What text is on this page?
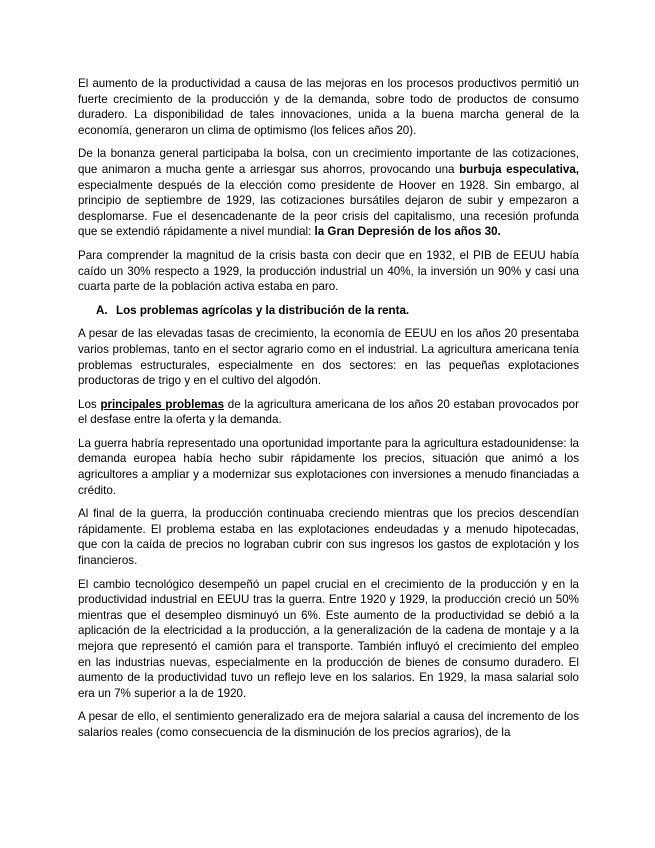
El aumento de la productividad a causa de las mejoras en los procesos productivos permitió un fuerte crecimiento de la producción y de la demanda, sobre todo de productos de consumo duradero. La disponibilidad de tales innovaciones, unida a la buena marcha general de la economía, generaron un clima de optimismo (los felices años 20).

De la bonanza general participaba la bolsa, con un crecimiento importante de las cotizaciones, que animaron a mucha gente a arriesgar sus ahorros, provocando una burbuja especulativa, especialmente después de la elección como presidente de Hoover en 1928. Sin embargo, al principio de septiembre de 1929, las cotizaciones bursátiles dejaron de subir y empezaron a desplomarse. Fue el desencadenante de la peor crisis del capitalismo, una recesión profunda que se extendió rápidamente a nivel mundial: la Gran Depresión de los años 30.

Para comprender la magnitud de la crisis basta con decir que en 1932, el PIB de EEUU había caído un 30% respecto a 1929, la producción industrial un 40%, la inversión un 90% y casi una cuarta parte de la población activa estaba en paro.

A. Los problemas agrícolas y la distribución de la renta.

A pesar de las elevadas tasas de crecimiento, la economía de EEUU en los años 20 presentaba varios problemas, tanto en el sector agrario como en el industrial. La agricultura americana tenía problemas estructurales, especialmente en dos sectores: en las pequeñas explotaciones productoras de trigo y en el cultivo del algodón.

Los principales problemas de la agricultura americana de los años 20 estaban provocados por el desfase entre la oferta y la demanda.

La guerra habría representado una oportunidad importante para la agricultura estadounidense: la demanda europea había hecho subir rápidamente los precios, situación que animó a los agricultores a ampliar y a modernizar sus explotaciones con inversiones a menudo financiadas a crédito.

Al final de la guerra, la producción continuaba creciendo mientras que los precios descendían rápidamente. El problema estaba en las explotaciones endeudadas y a menudo hipotecadas, que con la caída de precios no lograban cubrir con sus ingresos los gastos de explotación y los financieros.

El cambio tecnológico desempeñó un papel crucial en el crecimiento de la producción y en la productividad industrial en EEUU tras la guerra. Entre 1920 y 1929, la producción creció un 50% mientras que el desempleo disminuyó un 6%. Este aumento de la productividad se debió a la aplicación de la electricidad a la producción, a la generalización de la cadena de montaje y a la mejora que representó el camión para el transporte. También influyó el crecimiento del empleo en las industrias nuevas, especialmente en la producción de bienes de consumo duradero. El aumento de la productividad tuvo un reflejo leve en los salarios. En 1929, la masa salarial solo era un 7% superior a la de 1920.

A pesar de ello, el sentimiento generalizado era de mejora salarial a causa del incremento de los salarios reales (como consecuencia de la disminución de los precios agrarios), de la
